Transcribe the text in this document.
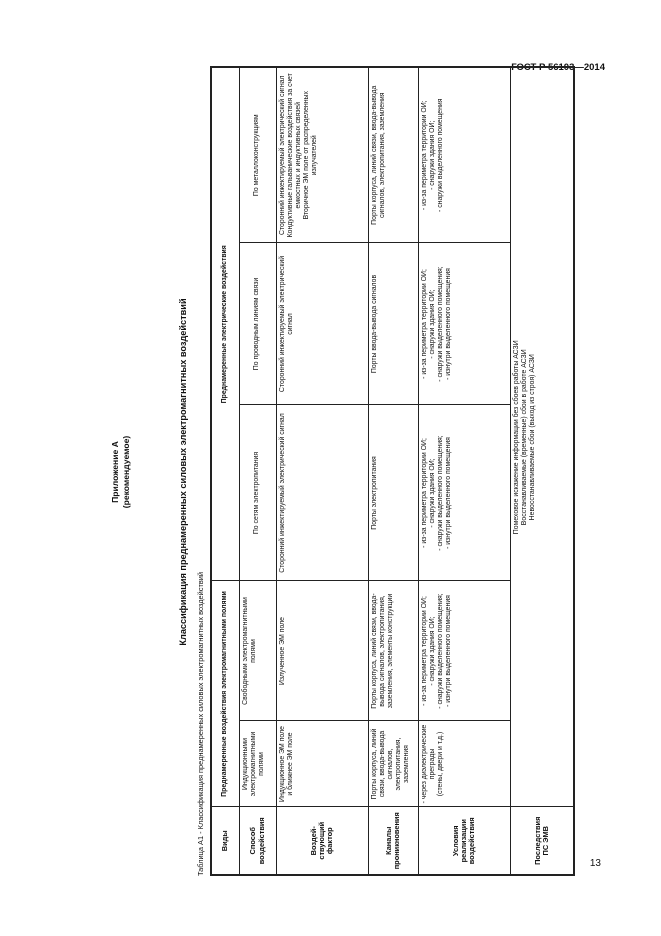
ГОСТ Р 56103—2014
Приложение А (рекомендуемое)	Классификация преднамеренных силовых электромагнитных воздействий
Таблица А1 - Классификация преднамеренных силовых электромагнитных воздействий Виды	Преднамеренные воздействия электромагнитными полями		Преднамеренные электрические воздействия		

Способ воздействия	Индукционными электромагнитными полями	Свободными электромагнитными полями	По сетям электропитания	По проводным линиям связи	По металлоконструкциям
Воздей-ствующий фактор	Индукционное ЭМ поле и ближнее ЭМ поле	Излученное ЭМ поле	Сторонний инжектируемый электрический сигнал	Сторонний инжектируемый электрический сигнал	Сторонний инжектируемый электрический сигнал Кондуктивные гальванические воздействия за счет емкостных и индуктивных связей Вторичное ЭМ поле от распределенных излучателей

Каналы проникновения	Порты корпуса, линий связи, ввода-вывода сигналов, электропитания, заземления	Порты корпуса, линий связи, ввода-вывода сигналов, электропитания, заземления, элементы конструкции	Порты электропитания	Порты ввода-вывода сигналов	Порты корпуса, линий связи, ввода-вывода сигналов, электропитания, заземления
Условия реализации воздействия	- через диэлектрические преграды (стены, двери и т.д.)	- из-за периметра территории ОИ; - снаружи здания ОИ; - снаружи выделенного помещения; - изнутри выделенного помещения	- из-за периметра территории ОИ; - снаружи здания ОИ; - снаружи выделенного помещения; - изнутри выделенного помещения	- из-за периметра территории ОИ; - снаружи здания ОИ; - снаружи выделенного помещения; - изнутри выделенного помещения	- из-за периметра территории ОИ; - снаружи здания ОИ; - снаружи выделенного помещения

Последствия ПС ЭМВ	Помеховое искажение информации без сбоев работы АСЗИ Восстанавливаемые (временные) сбои в работе АСЗИ Невосстанавливаемые сбои (выход из строя) АСЗИ				
13
